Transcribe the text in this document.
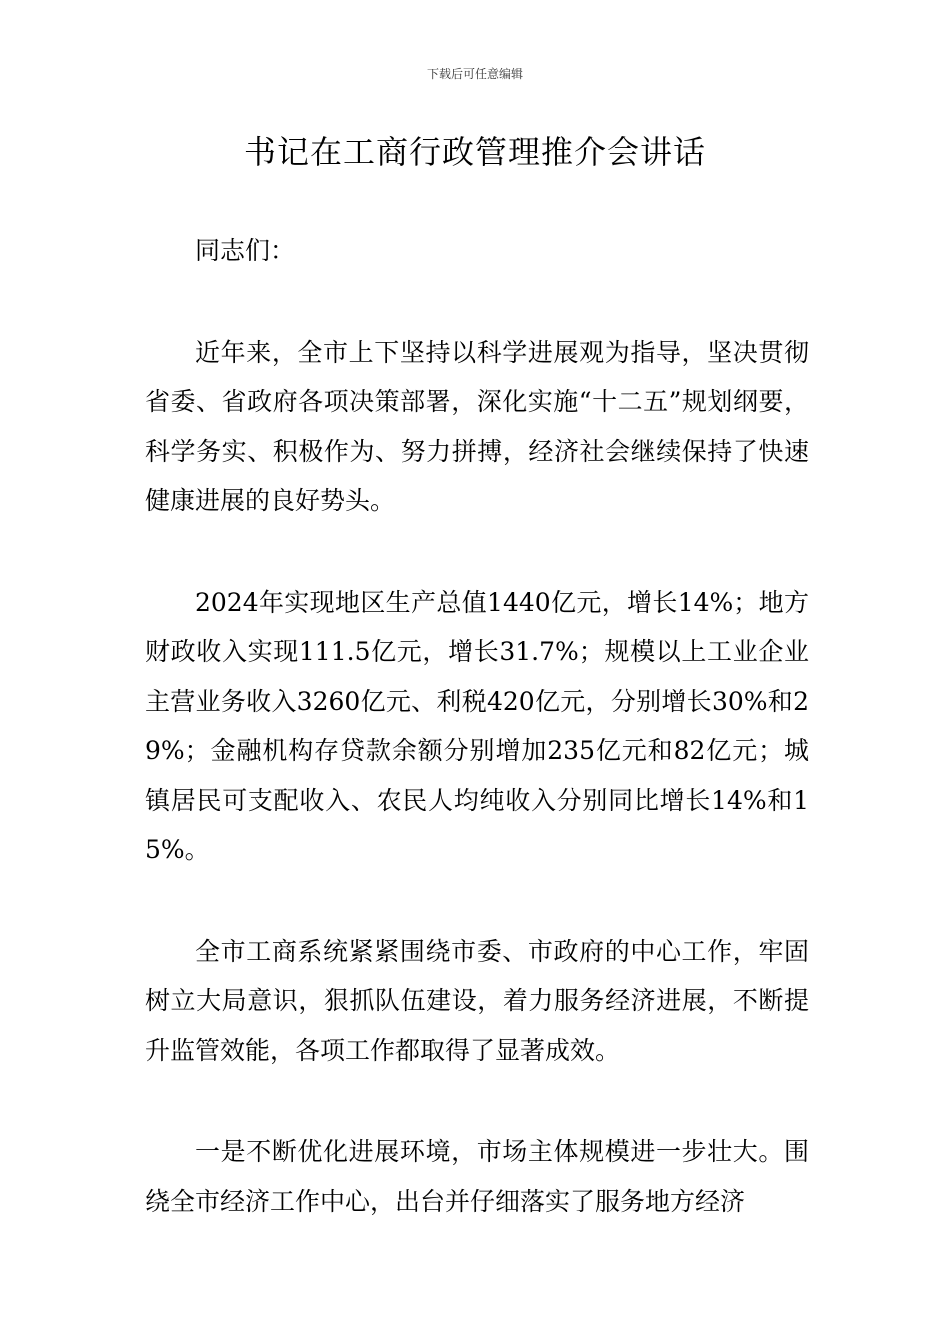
下载后可任意编辑
书记在工商行政管理推介会讲话

同志们：

近年来，全市上下坚持以科学进展观为指导，坚决贯彻省委、省政府各项决策部署，深化实施“十二五”规划纲要，科学务实、积极作为、努力拼搏，经济社会继续保持了快速健康进展的良好势头。

2024年实现地区生产总值1440亿元，增长14%；地方财政收入实现111.5亿元，增长31.7%；规模以上工业企业主营业务收入3260亿元、利税420亿元，分别增长30%和29%；金融机构存贷款余额分别增加235亿元和82亿元；城镇居民可支配收入、农民人均纯收入分别同比增长14%和15%。

全市工商系统紧紧围绕市委、市政府的中心工作，牢固树立大局意识，狠抓队伍建设，着力服务经济进展，不断提升监管效能，各项工作都取得了显著成效。

一是不断优化进展环境，市场主体规模进一步壮大。围绕全市经济工作中心，出台并仔细落实了服务地方经济
